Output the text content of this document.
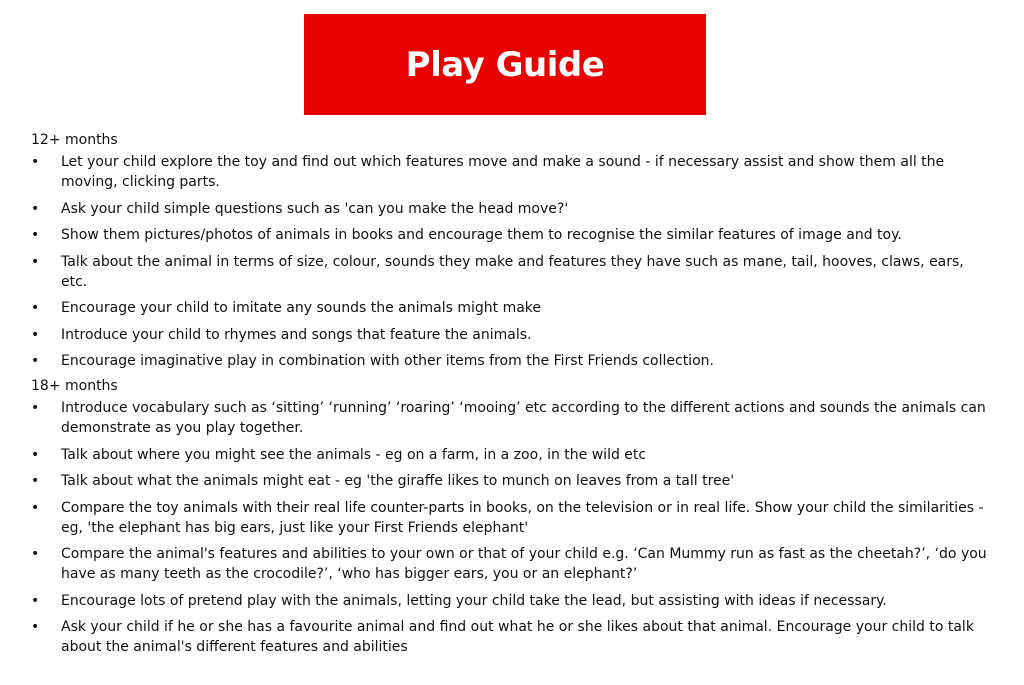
Play Guide
12+ months
• Let your child explore the toy and find out which features move and make a sound - if necessary assist and show them all the moving, clicking parts.
• Ask your child simple questions such as 'can you make the head move?'
• Show them pictures/photos of animals in books and encourage them to recognise the similar features of image and toy.
• Talk about the animal in terms of size, colour, sounds they make and features they have such as mane, tail, hooves, claws, ears, etc.
• Encourage your child to imitate any sounds the animals might make
• Introduce your child to rhymes and songs that feature the animals.
• Encourage imaginative play in combination with other items from the First Friends collection.
18+ months
• Introduce vocabulary such as ‘sitting’ ‘running’ ‘roaring’ ‘mooing’ etc according to the different actions and sounds the animals can demonstrate as you play together.
• Talk about where you might see the animals - eg on a farm, in a zoo, in the wild etc
• Talk about what the animals might eat - eg 'the giraffe likes to munch on leaves from a tall tree'
• Compare the toy animals with their real life counter-parts in books, on the television or in real life. Show your child the similarities - eg, 'the elephant has big ears, just like your First Friends elephant'
• Compare the animal's features and abilities to your own or that of your child e.g. ‘Can Mummy run as fast as the cheetah?’, ‘do you have as many teeth as the crocodile?’, ‘who has bigger ears, you or an elephant?’
• Encourage lots of pretend play with the animals, letting your child take the lead, but assisting with ideas if necessary.
• Ask your child if he or she has a favourite animal and find out what he or she likes about that animal. Encourage your child to talk about the animal's different features and abilities
